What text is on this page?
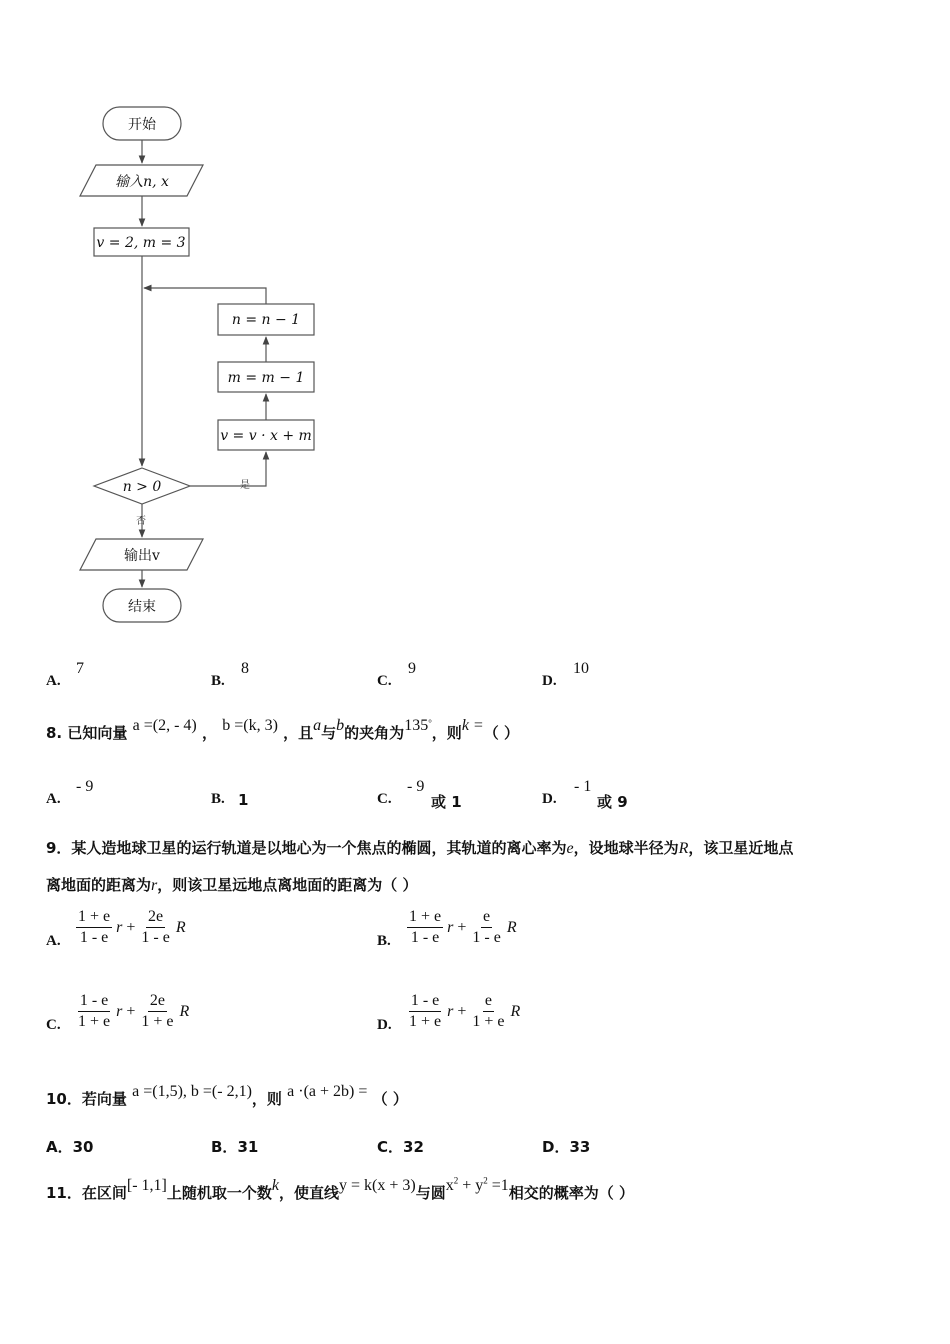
开始
输入n, x
v = 2, m = 3
n = n − 1
m = m − 1
v = v · x + m
n > 0	是
否
输出v
结束
A.
7
B.
8
C.
9
D.
10
8. 已知向量 a =(2, - 4) ， b =(k, 3) ，且a与b的夹角为135°，则k =（ ）
A.
- 9
B. 1	C.
- 9
或 1	D.
- 1
或 9
9．某人造地球卫星的运行轨道是以地心为一个焦点的椭圆，其轨道的离心率为e，设地球半径为R，该卫星近地点
离地面的距离为r，则该卫星远地点离地面的距离为（ ）
A. $\frac{1 + e}{1 - e}$ $r + \frac{2e}{1 - e}$ R
B. $\frac{1 + e}{1 - e}$ $r + \frac{e}{1 - e}$ R
C. $\frac{1 - e}{1 + e}$ $r + \frac{2e}{1 + e}$ R
D. $\frac{1 - e}{1 + e}$ $r + \frac{e}{1 + e}$ R
10．若向量 a =(1,5), b =(- 2,1)，则 a ·(a + 2b) = （ ）
A．30	B．31	C．32	D．33
11．在区间[- 1,1]上随机取一个数k，使直线y = k(x + 3)与圆$x^2 + y^2 =1$相交的概率为（ ）
